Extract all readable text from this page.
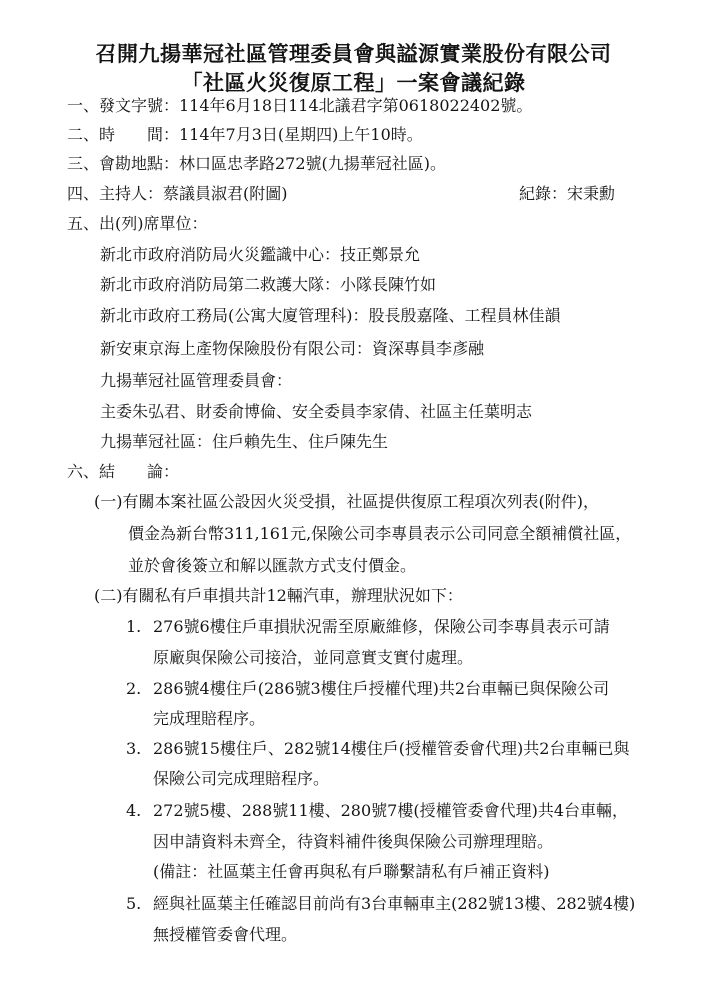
召開九揚華冠社區管理委員會與謚源實業股份有限公司
「社區火災復原工程」一案會議紀錄
一、發文字號：114年6月18日114北議君字第0618022402號。
二、時　　間：114年7月3日(星期四)上午10時。
三、會勘地點：林口區忠孝路272號(九揚華冠社區)。
四、主持人：蔡議員淑君(附圖)	紀錄：宋秉勳
五、出(列)席單位：
新北市政府消防局火災鑑識中心：技正鄭景允
新北市政府消防局第二救護大隊：小隊長陳竹如
新北市政府工務局(公寓大廈管理科)：股長殷嘉隆、工程員林佳韻
新安東京海上產物保險股份有限公司：資深專員李彥融
九揚華冠社區管理委員會：
主委朱弘君、財委俞博倫、安全委員李家倩、社區主任葉明志
九揚華冠社區：住戶賴先生、住戶陳先生
六、結　　論：
(一)有關本案社區公設因火災受損，社區提供復原工程項次列表(附件)，
價金為新台幣311,161元,保險公司李專員表示公司同意全額補償社區，
並於會後簽立和解以匯款方式支付價金。
(二)有關私有戶車損共計12輛汽車，辦理狀況如下：
1. 276號6樓住戶車損狀況需至原廠維修，保險公司李專員表示可請
原廠與保險公司接洽，並同意實支實付處理。
2. 286號4樓住戶(286號3樓住戶授權代理)共2台車輛已與保險公司
完成理賠程序。
3. 286號15樓住戶、282號14樓住戶(授權管委會代理)共2台車輛已與
保險公司完成理賠程序。
4. 272號5樓、288號11樓、280號7樓(授權管委會代理)共4台車輛，
因申請資料未齊全，待資料補件後與保險公司辦理理賠。
(備註：社區葉主任會再與私有戶聯繫請私有戶補正資料)
5. 經與社區葉主任確認目前尚有3台車輛車主(282號13樓、282號4樓)
無授權管委會代理。
